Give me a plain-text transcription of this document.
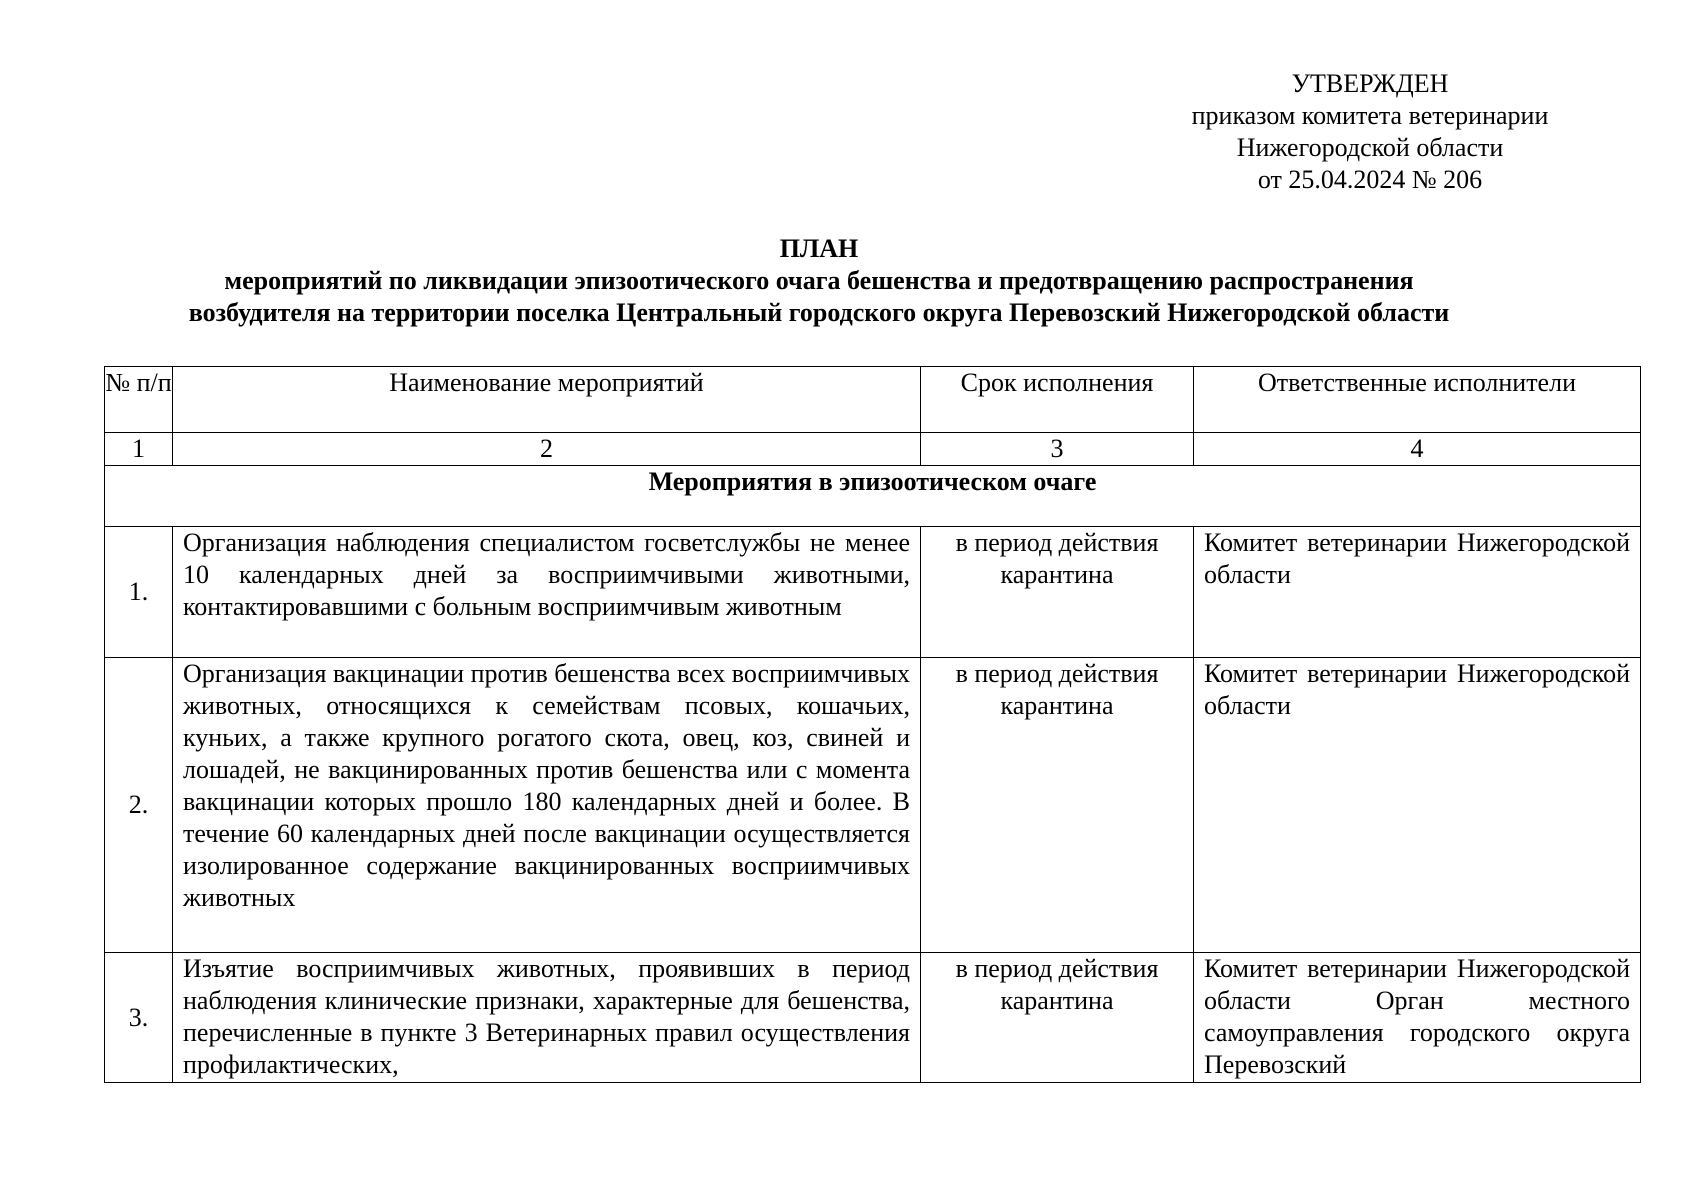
УТВЕРЖДЕН
приказом комитета ветеринарии
Нижегородской области
от 25.04.2024 № 206
ПЛАН
мероприятий по ликвидации эпизоотического очага бешенства и предотвращению распространения
возбудителя на территории поселка Центральный городского округа Перевозский Нижегородской области
№ п/п	Наименование мероприятий	Срок исполнения	Ответственные исполнители
1	2	3	4
Мероприятия в эпизоотическом очаге			
1.	Организация наблюдения специалистом госветслужбы не менее 10 календарных дней за восприимчивыми животными, контактировавшими с больным восприимчивым животным	в период действия карантина	Комитет ветеринарии Нижегородской области
2.	Организация вакцинации против бешенства всех восприимчивых животных, относящихся к семействам псовых, кошачьих, куньих, а также крупного рогатого скота, овец, коз, свиней и лошадей, не вакцинированных против бешенства или с момента вакцинации которых прошло 180 календарных дней и более. В течение 60 календарных дней после вакцинации осуществляется изолированное содержание вакцинированных восприимчивых животных	в период действия карантина	Комитет ветеринарии Нижегородской области
3.	Изъятие восприимчивых животных, проявивших в период наблюдения клинические признаки, характерные для бешенства, перечисленные в пункте 3 Ветеринарных правил осуществления профилактических,	в период действия карантина	Комитет ветеринарии Нижегородской области Орган местного самоуправления городского округа Перевозский
